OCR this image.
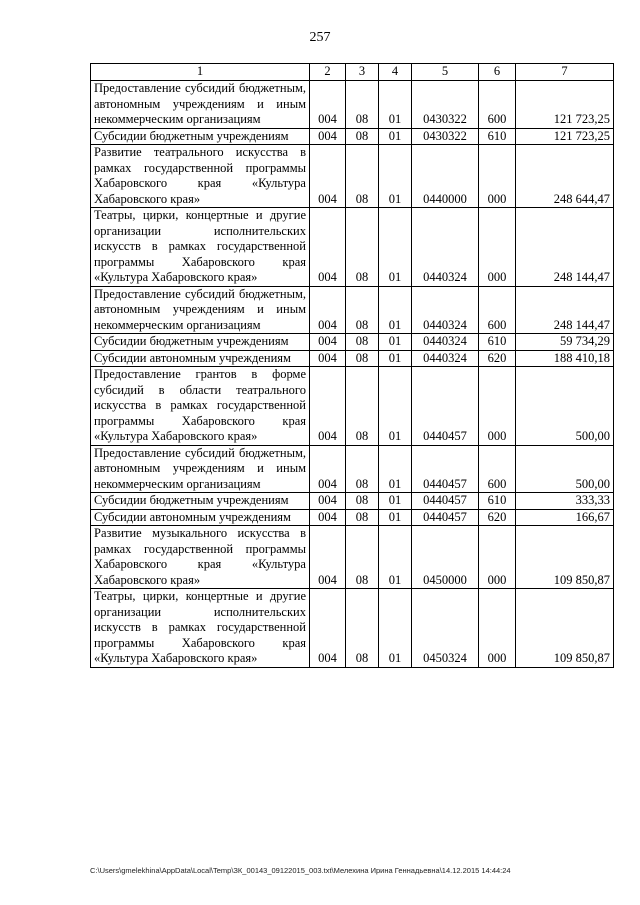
257
1	2	3	4	5	6	7
Предоставление субсидий бюджетным, автономным учреждениям и иным некоммерческим организациям	004	08	01	0430322	600	121 723,25
Субсидии бюджетным учреждениям	004	08	01	0430322	610	121 723,25
Развитие театрального искусства в рамках государственной программы Хабаровского края «Культура Хабаровского края»	004	08	01	0440000	000	248 644,47
Театры, цирки, концертные и другие организации исполнительских искусств в рамках государственной программы Хабаровского края «Культура Хабаровского края»	004	08	01	0440324	000	248 144,47
Предоставление субсидий бюджетным, автономным учреждениям и иным некоммерческим организациям	004	08	01	0440324	600	248 144,47
Субсидии бюджетным учреждениям	004	08	01	0440324	610	59 734,29
Субсидии автономным учреждениям	004	08	01	0440324	620	188 410,18
Предоставление грантов в форме субсидий в области театрального искусства в рамках государственной программы Хабаровского края «Культура Хабаровского края»	004	08	01	0440457	000	500,00
Предоставление субсидий бюджетным, автономным учреждениям и иным некоммерческим организациям	004	08	01	0440457	600	500,00
Субсидии бюджетным учреждениям	004	08	01	0440457	610	333,33
Субсидии автономным учреждениям	004	08	01	0440457	620	166,67
Развитие музыкального искусства в рамках государственной программы Хабаровского края «Культура Хабаровского края»	004	08	01	0450000	000	109 850,87
Театры, цирки, концертные и другие организации исполнительских искусств в рамках государственной программы Хабаровского края «Культура Хабаровского края»	004	08	01	0450324	000	109 850,87
C:\Users\gmelekhina\AppData\Local\Temp\ЗК_00143_09122015_003.txt\Мелехина Ирина Геннадьевна\14.12.2015 14:44:24
